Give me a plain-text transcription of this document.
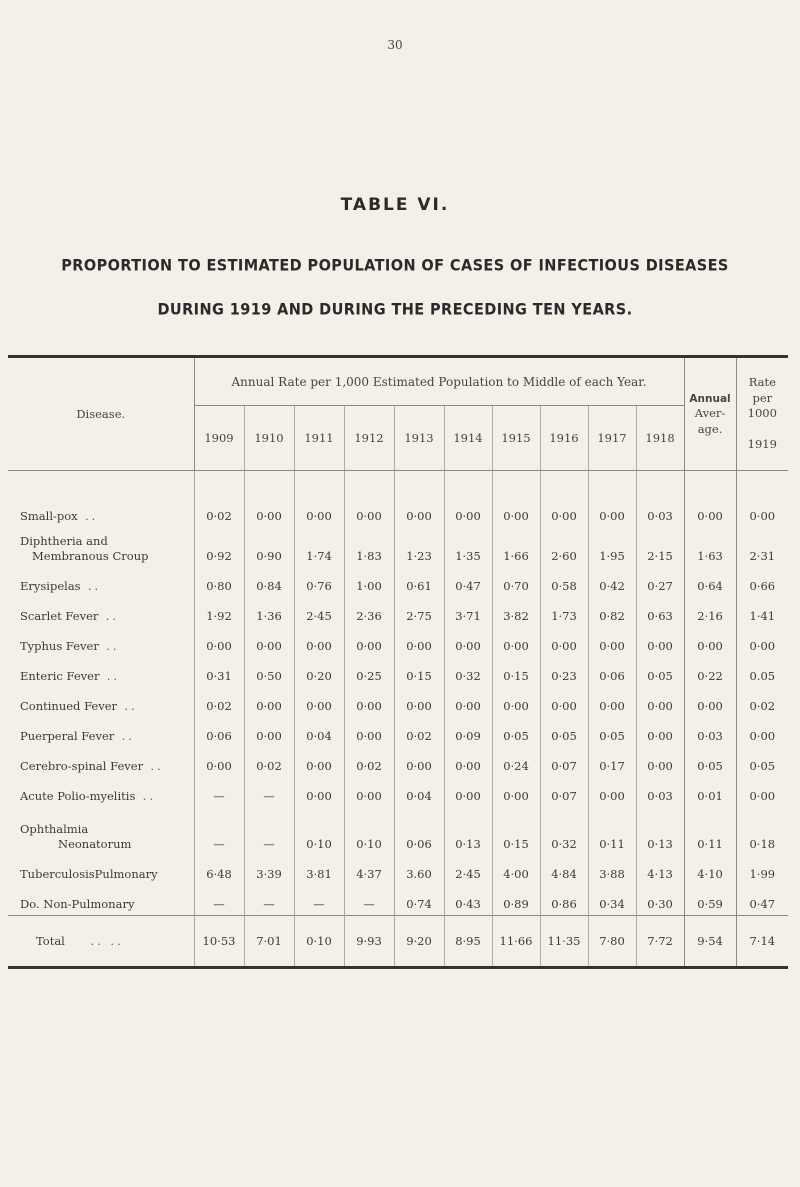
30
TABLE VI.
PROPORTION TO ESTIMATED POPULATION OF CASES OF INFECTIOUS DISEASES
DURING 1919 AND DURING THE PRECEDING TEN YEARS.
Disease.	Annual Rate per 1,000 Estimated Population to Middle of each Year.										Annual
Aver-
age.	Rate
per
1000

1919
	1909	1910	1911	1912	1913	1914	1915	1916	1917	1918		

Small-pox ..	0·02	0·00	0·00	0·00	0·00	0·00	0·00	0·00	0·00	0·03	0·00	0·00
Diphtheria and
Membranous Croup	0·92	0·90	1·74	1·83	1·23	1·35	1·66	2·60	1·95	2·15	1·63	2·31
Erysipelas ..	0·80	0·84	0·76	1·00	0·61	0·47	0·70	0·58	0·42	0·27	0·64	0·66
Scarlet Fever ..	1·92	1·36	2·45	2·36	2·75	3·71	3·82	1·73	0·82	0·63	2·16	1·41
Typhus Fever ..	0·00	0·00	0·00	0·00	0·00	0·00	0·00	0·00	0·00	0·00	0·00	0·00
Enteric Fever ..	0·31	0·50	0·20	0·25	0·15	0·32	0·15	0·23	0·06	0·05	0·22	0.05
Continued Fever ..	0·02	0·00	0·00	0·00	0·00	0·00	0·00	0·00	0·00	0·00	0·00	0·02
Puerperal Fever ..	0·06	0·00	0·04	0·00	0·02	0·09	0·05	0·05	0·05	0·00	0·03	0·00
Cerebro-spinal Fever ..	0·00	0·02	0·00	0·02	0·00	0·00	0·24	0·07	0·17	0·00	0·05	0·05
Acute Polio-myelitis ..	—	—	0·00	0·00	0·04	0·00	0·00	0·07	0·00	0·03	0·01	0·00
Ophthalmia
Neonatorum	—	—	0·10	0·10	0·06	0·13	0·15	0·32	0·11	0·13	0·11	0·18
TuberculosisPulmonary	6·48	3·39	3·81	4·37	3.60	2·45	4·00	4·84	3·88	4·13	4·10	1·99
Do. Non-Pulmonary	—	—	—	—	0·74	0·43	0·89	0·86	0·34	0·30	0·59	0·47
Total .. ..	10·53	7·01	0·10	9·93	9·20	8·95	11·66	11·35	7·80	7·72	9·54	7·14
